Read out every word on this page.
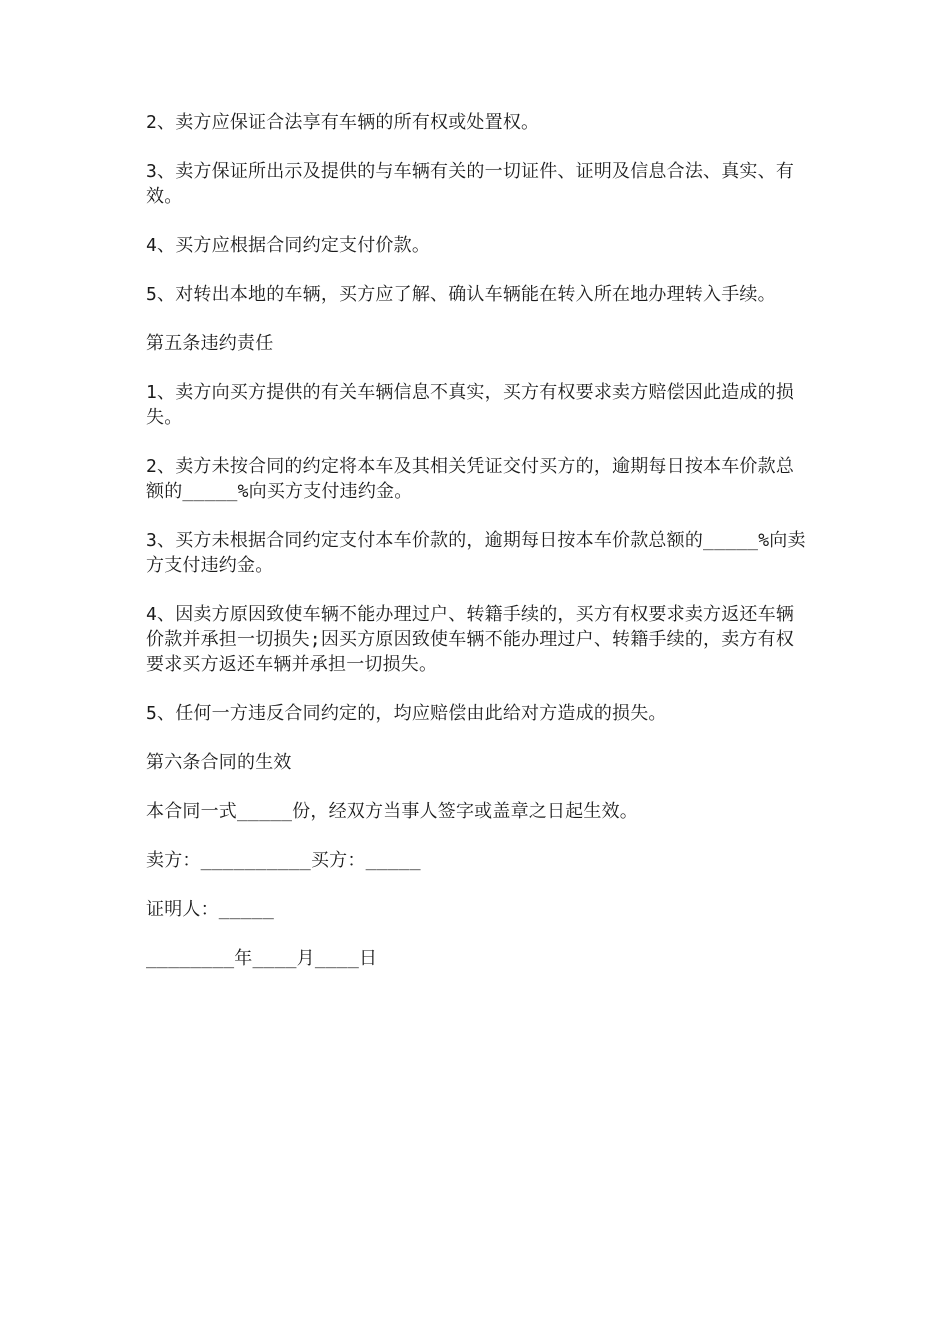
2、卖方应保证合法享有车辆的所有权或处置权。

3、卖方保证所出示及提供的与车辆有关的一切证件、证明及信息合法、真实、有效。

4、买方应根据合同约定支付价款。

5、对转出本地的车辆，买方应了解、确认车辆能在转入所在地办理转入手续。

第五条违约责任

1、卖方向买方提供的有关车辆信息不真实，买方有权要求卖方赔偿因此造成的损失。

2、卖方未按合同的约定将本车及其相关凭证交付买方的，逾期每日按本车价款总额的_____%向买方支付违约金。

3、买方未根据合同约定支付本车价款的，逾期每日按本车价款总额的_____%向卖方支付违约金。

4、因卖方原因致使车辆不能办理过户、转籍手续的，买方有权要求卖方返还车辆价款并承担一切损失;因买方原因致使车辆不能办理过户、转籍手续的，卖方有权要求买方返还车辆并承担一切损失。

5、任何一方违反合同约定的，均应赔偿由此给对方造成的损失。

第六条合同的生效

本合同一式_____份，经双方当事人签字或盖章之日起生效。

卖方：__________买方：_____

证明人：_____

________年____月____日
